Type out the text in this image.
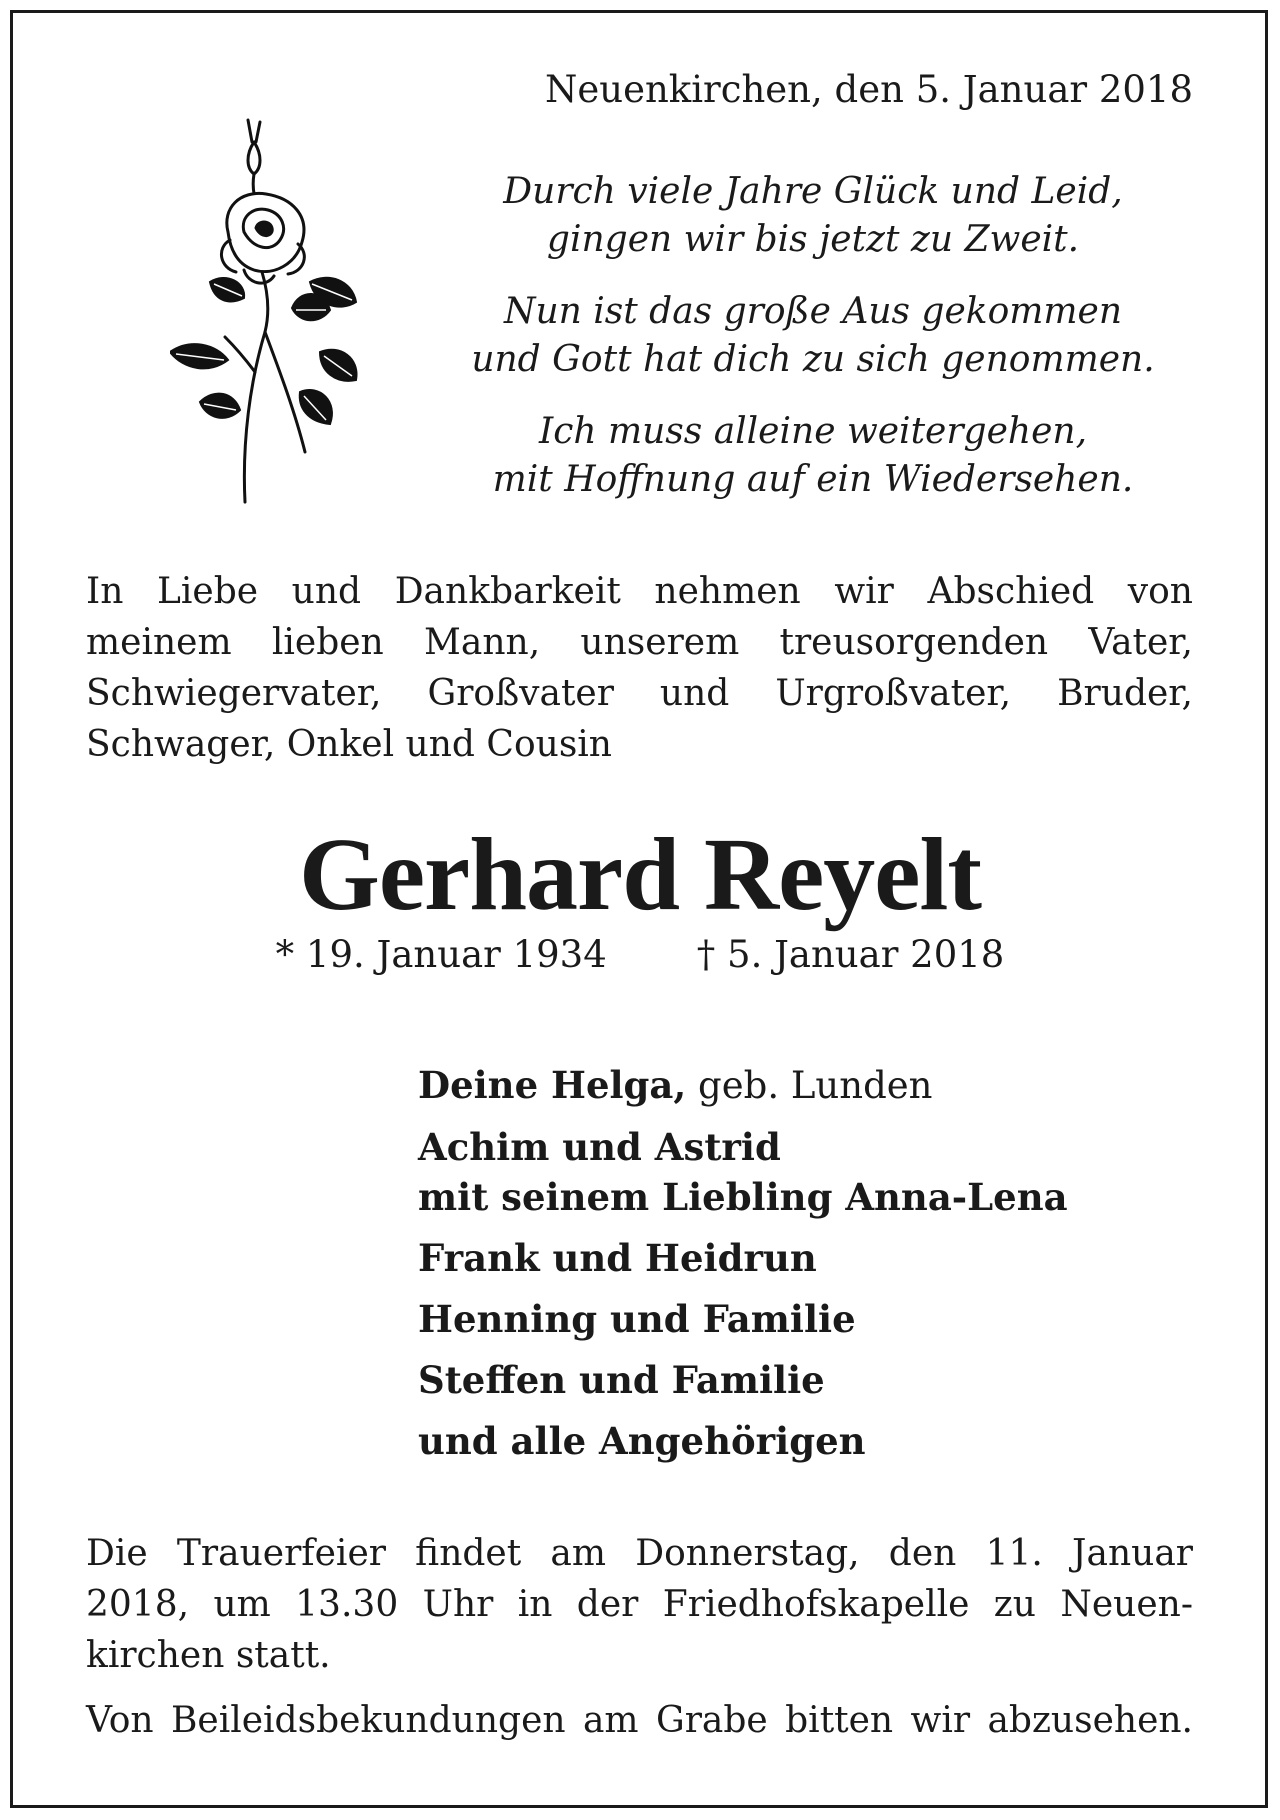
Neuenkirchen, den 5. Januar 2018
Durch viele Jahre Glück und Leid,
gingen wir bis jetzt zu Zweit.
Nun ist das große Aus gekommen
und Gott hat dich zu sich genommen.
Ich muss alleine weitergehen,
mit Hoffnung auf ein Wiedersehen.
In Liebe und Dankbarkeit nehmen wir Abschied von
meinem lieben Mann, unserem treusorgenden Vater,
Schwiegervater, Großvater und Urgroßvater, Bruder,
Schwager, Onkel und Cousin
Gerhard Reyelt
* 19. Januar 1934 † 5. Januar 2018
Deine Helga, geb. Lunden
Achim und Astrid
mit seinem Liebling Anna-Lena
Frank und Heidrun
Henning und Familie
Steffen und Familie
und alle Angehörigen
Die Trauerfeier findet am Donnerstag, den 11. Januar
2018, um 13.30 Uhr in der Friedhofskapelle zu Neuen-
kirchen statt.
Von Beileidsbekundungen am Grabe bitten wir abzusehen.
